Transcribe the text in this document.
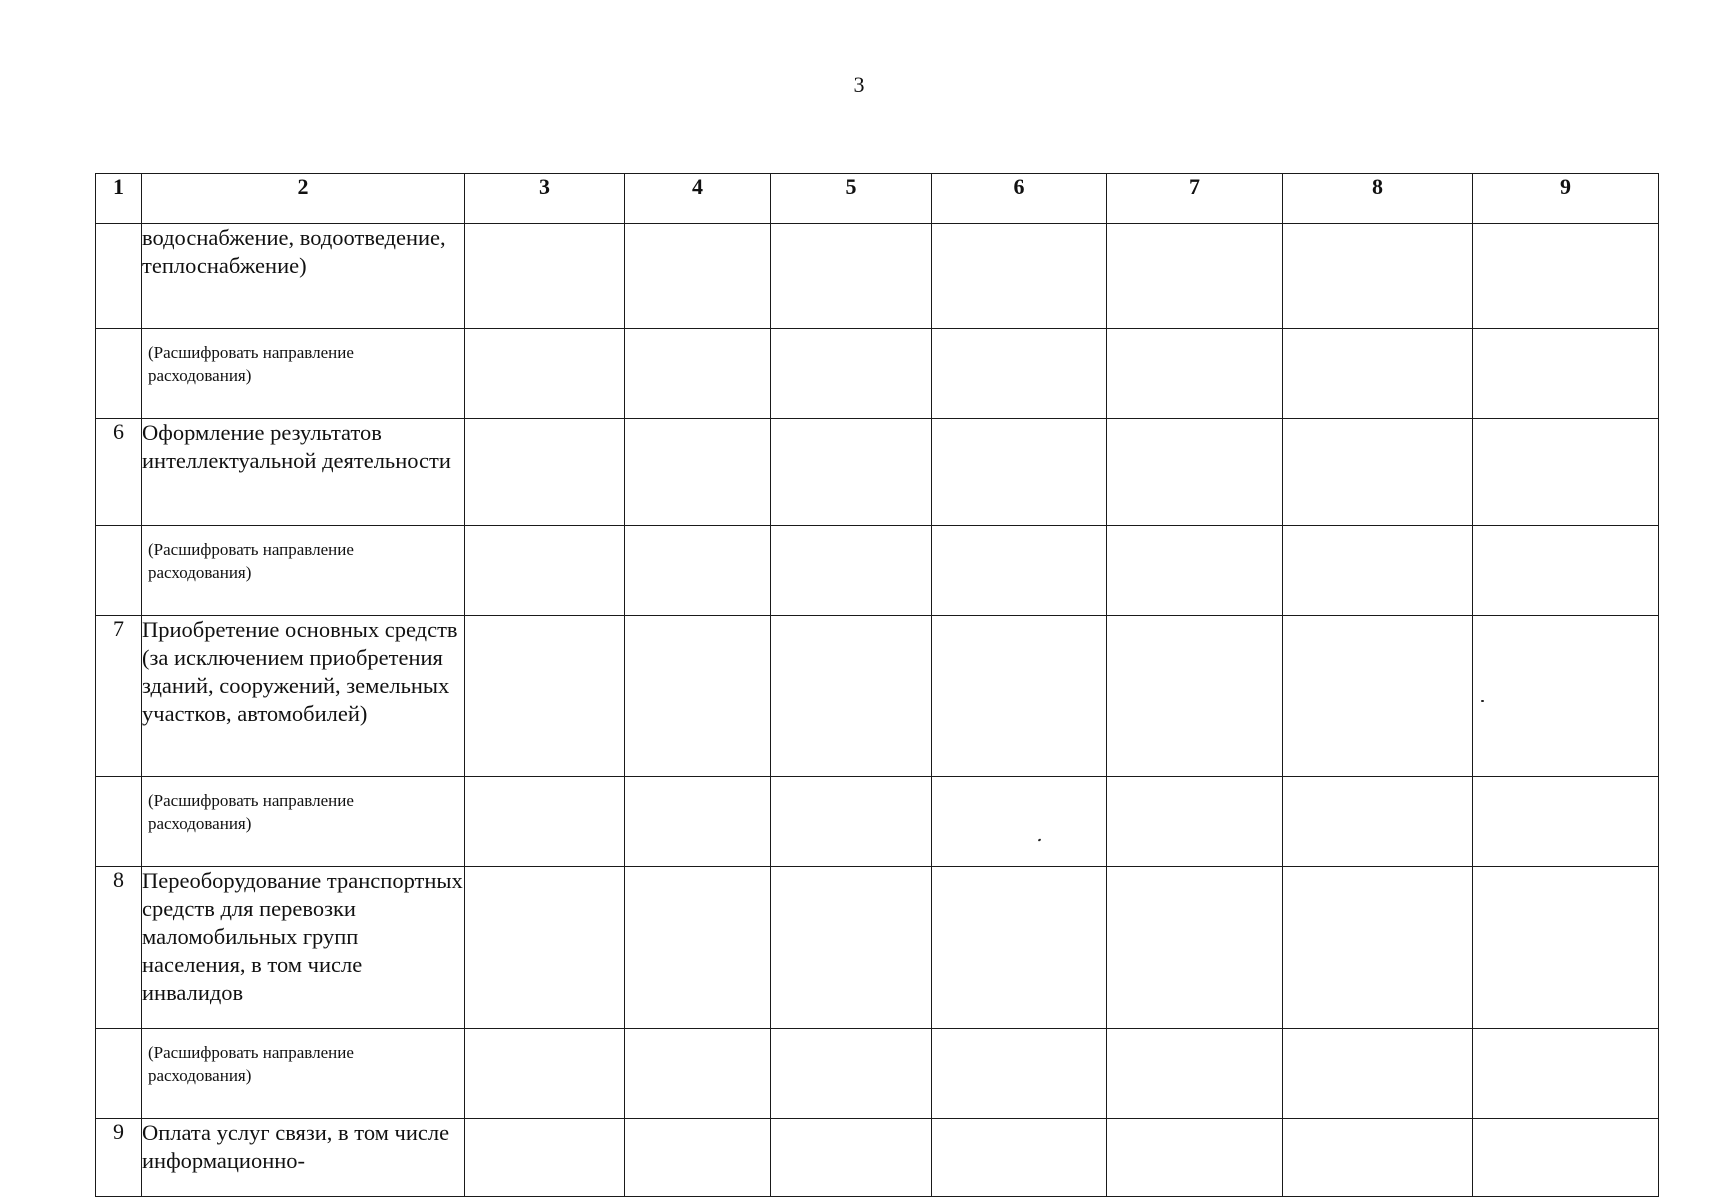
3
1	2	3	4	5	6	7	8	9
	водоснабжение, водоотведение, теплоснабжение)							
	(Расшифровать направление расходования)							
6	Оформление результатов интеллектуальной деятельности							
	(Расшифровать направление расходования)							
7	Приобретение основных средств (за исключением приобретения зданий, сооружений, земельных участков, автомобилей)							
	(Расшифровать направление расходования)							
8	Переоборудование транспортных средств для перевозки маломобильных групп населения, в том числе инвалидов							
	(Расшифровать направление расходования)							
9	Оплата услуг связи, в том числе информационно-							
